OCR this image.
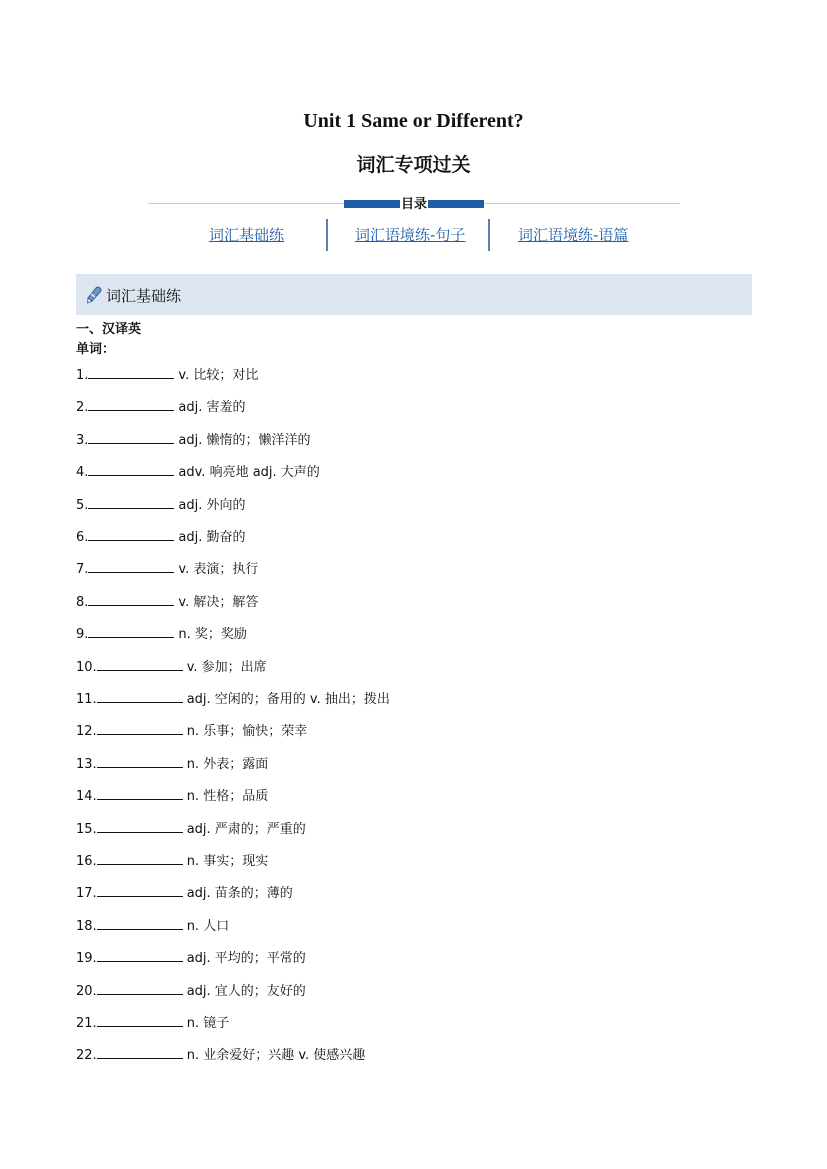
Unit 1 Same or Different?
词汇专项过关
目录
词汇基础练	词汇语境练-句子	词汇语境练-语篇
词汇基础练
一、汉译英
单词：
1.	v. 比较；对比
2.	adj. 害羞的
3.	adj. 懒惰的；懒洋洋的
4.	adv. 响亮地 adj. 大声的
5.	adj. 外向的
6.	adj. 勤奋的
7.	v. 表演；执行
8.	v. 解决；解答
9.	n. 奖；奖励
10.	v. 参加；出席
11.	adj. 空闲的；备用的 v. 抽出；拨出
12.	n. 乐事；愉快；荣幸
13.	n. 外表；露面
14.	n. 性格；品质
15.	adj. 严肃的；严重的
16.	n. 事实；现实
17.	adj. 苗条的；薄的
18.	n. 人口
19.	adj. 平均的；平常的
20.	adj. 宜人的；友好的
21.	n. 镜子
22.	n. 业余爱好；兴趣 v. 使感兴趣
